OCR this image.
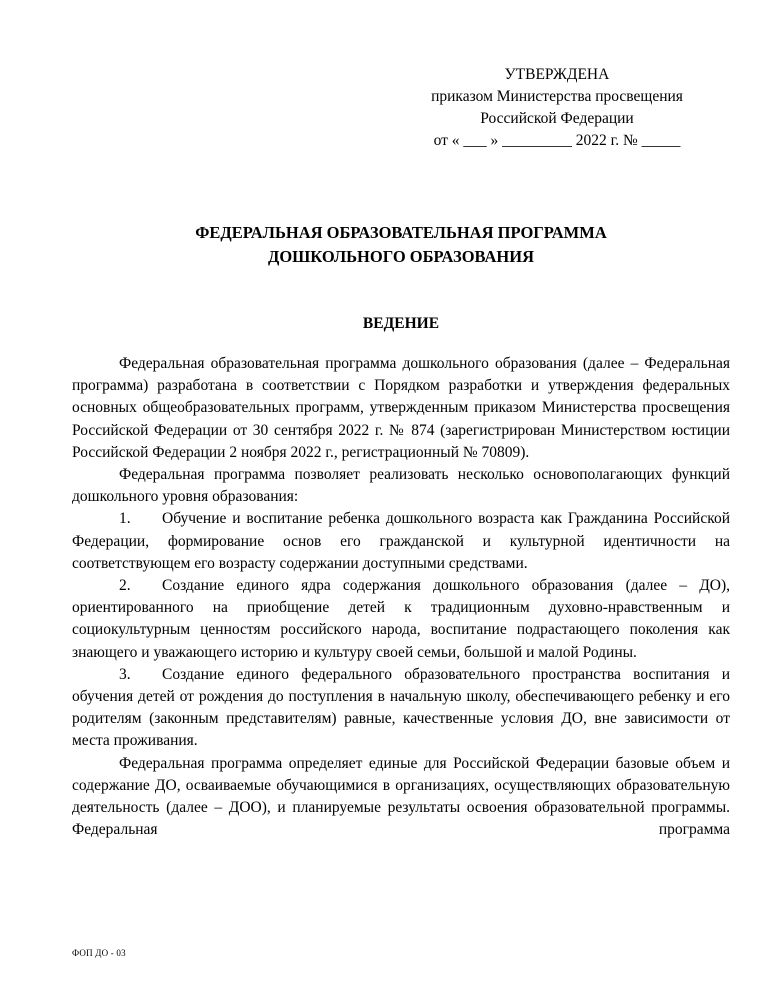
УТВЕРЖДЕНА
приказом Министерства просвещения
Российской Федерации
от « ___ » _________ 2022 г. № _____
ФЕДЕРАЛЬНАЯ ОБРАЗОВАТЕЛЬНАЯ ПРОГРАММА
ДОШКОЛЬНОГО ОБРАЗОВАНИЯ
ВЕДЕНИЕ

Федеральная образовательная программа дошкольного образования (далее – Федеральная программа) разработана в соответствии с Порядком разработки и утверждения федеральных основных общеобразовательных программ, утвержденным приказом Министерства просвещения Российской Федерации от 30 сентября 2022 г. № 874 (зарегистрирован Министерством юстиции Российской Федерации 2 ноября 2022 г., регистрационный № 70809).

Федеральная программа позволяет реализовать несколько основополагающих функций дошкольного уровня образования:

1. Обучение и воспитание ребенка дошкольного возраста как Гражданина Российской Федерации, формирование основ его гражданской и культурной идентичности на соответствующем его возрасту содержании доступными средствами.

2. Создание единого ядра содержания дошкольного образования (далее – ДО), ориентированного на приобщение детей к традиционным духовно-нравственным и социокультурным ценностям российского народа, воспитание подрастающего поколения как знающего и уважающего историю и культуру своей семьи, большой и малой Родины.

3. Создание единого федерального образовательного пространства воспитания и обучения детей от рождения до поступления в начальную школу, обеспечивающего ребенку и его родителям (законным представителям) равные, качественные условия ДО, вне зависимости от места проживания.

Федеральная программа определяет единые для Российской Федерации базовые объем и содержание ДО, осваиваемые обучающимися в организациях, осуществляющих образовательную деятельность (далее – ДОО), и планируемые результаты освоения образовательной программы. Федеральная программа

ФОП ДО - 03
